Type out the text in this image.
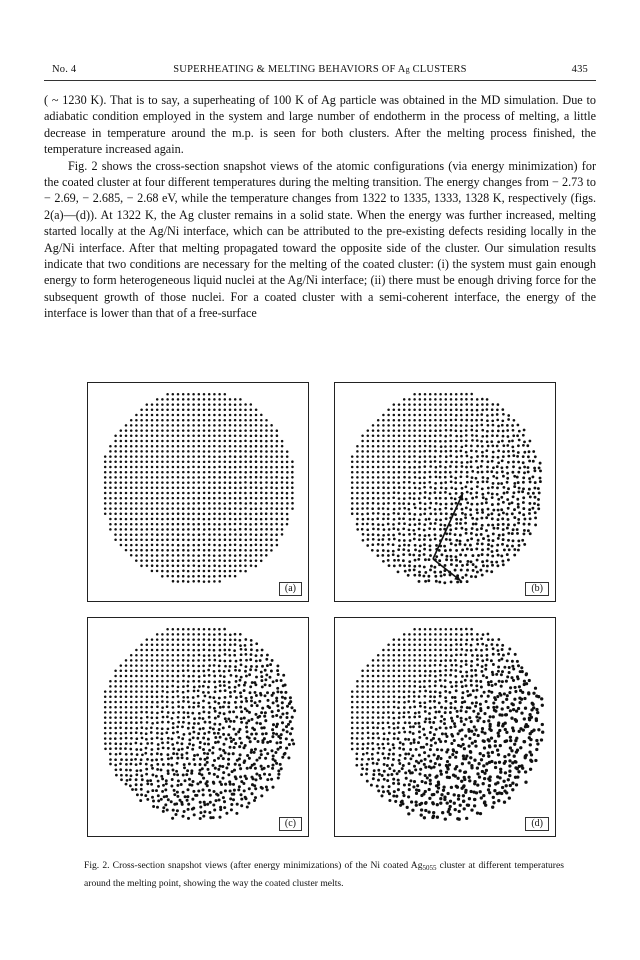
No. 4	SUPERHEATING & MELTING BEHAVIORS OF Ag CLUSTERS	435

( ~ 1230 K). That is to say, a superheating of 100 K of Ag particle was obtained in the MD simulation. Due to adiabatic condition employed in the system and large number of endotherm in the process of melting, a little decrease in temperature around the m.p. is seen for both clusters. After the melting process finished, the temperature increased again.

Fig. 2 shows the cross-section snapshot views of the atomic configurations (via energy minimization) for the coated cluster at four different temperatures during the melting transition. The energy changes from − 2.73 to − 2.69, − 2.685, − 2.68 eV, while the temperature changes from 1322 to 1335, 1333, 1328 K, respectively (figs. 2(a)—(d)). At 1322 K, the Ag cluster remains in a solid state. When the energy was further increased, melting started locally at the Ag/Ni interface, which can be attributed to the pre-existing defects residing locally in the Ag/Ni interface. After that melting propagated toward the opposite side of the cluster. Our simulation results indicate that two conditions are necessary for the melting of the coated cluster: (i) the system must gain enough energy to form heterogeneous liquid nuclei at the Ag/Ni interface; (ii) there must be enough driving force for the subsequent growth of those nuclei. For a coated cluster with a semi-coherent interface, the energy of the interface is lower than that of a free-surface

(a)	(b)
(c)	(d)
Fig. 2. Cross-section snapshot views (after energy minimizations) of the Ni coated $Ag_{5055}$ cluster at different temperatures around the melting point, showing the way the coated cluster melts.
